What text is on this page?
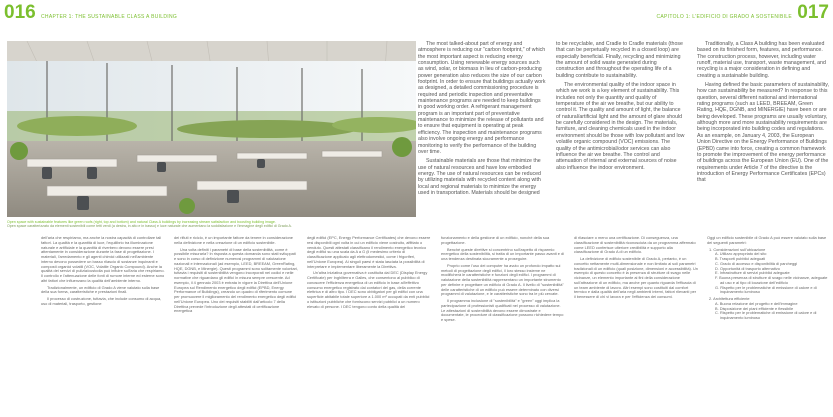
016	017
CHAPTER 1: THE SUSTAINABLE CLASS A BUILDING	CAPITOLO 1: L'EDIFICIO DI GRADO A SOSTENIBILE

Open space with sustainable features like green roofs (right, top and bottom) and natural Class A buildings by increasing stream satisfaction and boosting building image.

Open space caratterizzato da elementi sostenibili come tetti verdi (a destra, in alto e in basso) e luce naturale che aumentano la soddisfazione e l'immagine degli edifici di Grado A.

The most talked-about part of energy and atmosphere is reducing our “carbon footprint,” of which the most important aspect is reducing energy consumption. Using renewable energy sources such as wind, solar, or biomass in lieu of carbon-producing power generation also reduces the size of our carbon footprint. In order to ensure that buildings actually work as designed, a detailed commissioning procedure is required and periodic inspection and preventative maintenance programs are needed to keep buildings in good working order. A refrigerant management program is an important part of preventative maintenance to minimize the release of pollutants and to ensure that equipment is operating at peak efficiency. The inspection and maintenance programs also involve ongoing energy and performance monitoring to verify the performance of the building over time.

Sustainable materials are those that minimize the use of natural resources and have low embodied energy. The use of natural resources can be reduced by utilizing materials with recycled content along with local and regional materials to minimize the energy used in transportation. Materials should be designed

to be recyclable, and Cradle to Cradle materials (those that can be perpetually recycled in a closed loop) are especially beneficial. Finally, recycling and minimizing the amount of solid waste generated during construction and throughout the operating life of a building contribute to sustainability.

The environmental quality of the indoor space in which we work is a key element of sustainability. This includes not only the quantity and quality of temperature of the air we breathe, but our ability to control it. The quality and amount of light, the balance of natural/artificial light and the amount of glare should be carefully considered in the design. The materials, furniture, and cleaning chemicals used in the indoor environment should be those with low pollutant and low volatile organic compound (VOC) emissions. The quality of the antimicrobial/odor services can also influence the air we breathe. The control and attenuation of internal and external sources of noise also influence the indoor environment.

Traditionally, a Class A building has been evaluated based on its finished form, features, and performance. The construction process, however, including water runoff, material use, transport, waste management, and recycling is a major consideration in defining and creating a sustainable building.

Having defined the basic parameters of sustainability, how can sustainability be measured? In response to this question, several different national and international rating programs (such as LEED, BREEAM, Green Rating, HQE, DGNB, and MINERGIE) have been or are being developed. These programs are usually voluntary, although more and more sustainability requirements are being incorporated into building codes and regulations. As an example, on January 4, 2003, the European Union Directive on the Energy Performance of Buildings (EPBD) came into force, creating a common framework to promote the improvement of the energy performance of buildings across the European Union (EU). One of the requirements under Article 7 of the directive is the introduction of Energy Performance Certificates (EPCs) that

dell'aria che respiriamo, ma anche la nostra capacità di controllare tali fattori. La qualità e la quantità di luce, l'equilibrio tra illuminazione naturale e artificiale e la quantità di riverbero devono essere presi attentamente in considerazione durante la fase di progettazione. I materiali, l'arredamento e gli agenti chimici utilizzati nell'ambiente interno devono possedere un basso rilascio di sostanze inquinanti e composti organici volatili (VOC, Volatile Organic Compound). Anche la qualità dei servizi di pulizia/custodia può influire sull'aria che respiriamo. Il controllo e l'attenuazione delle fonti di rumore interne ed esterne sono altri fattori che influenzano la qualità dell'ambiente interno.

Tradizionalmente, un edificio di Grado A viene valutato sulla base della sua forma, caratteristiche e prestazioni finali.

Il processo di costruzione, tuttavia, che include consumo di acqua, uso di materiali, trasporto, gestione

dei rifiuti e riciclo, è un importante fattore da tenere in considerazione nella definizione e nella creazione di un edificio sostenibile.

Una volta definiti i parametri di base della sostenibilità, come è possibile misurarla? In risposta a questa domanda sono stati sviluppati e sono in corso di definizione numerosi programmi di valutazione nazionali e internazionali (ad esempio, LEED, BREEAM, GreenRating, HQE, DGNB, e Minergie). Questi programmi sono solitamente volontari, tuttavia i requisiti di sostenibilità vengono incorporati nei codici e nelle normative che riguardano gli edifici in misura sempre crescente. Ad esempio, il 4 gennaio 2003 è entrata in vigore la Direttiva dell'Unione Europea sul Rendimento energetico degli edifici (EPBD, Energy Performance of Buildings), creando un quadro di riferimento comune per promuovere il miglioramento del rendimento energetico degli edifici nell'Unione Europea. Uno dei requisiti stabiliti dall'articolo 7 della Direttiva prevede l'introduzione degli attestati di certificazione energetica

degli edifici (EPC, Energy Performance Certificates) che devono essere resi disponibili ogni volta in cui un edificio viene costruito, affittato o venduto. Questi attestati classificano il rendimento energetico tecnico degli edifici su una scala da A a G (il medesimo criterio di classificazione applicato agli elettrodomestici, come i frigoriferi, nell'Unione Europea). Ai singoli paesi è stata lasciata la possibilità di interpretare e implementare liberamente la Direttiva.

Un'altra iniziativa governativa è costituita dal DEC (Display Energy Certificate) per Inghilterra e Galles, che consentono al pubblico di conoscere l'efficienza energetica di un edificio in base all'effettivo consumo energetico registrato dai contatori del gas, della corrente elettrica e di altro tipo. I DEC sono obbligatori per gli edifici con una superficie abitabile totale superiore a 1.000 m² occupati da enti pubblici o istituzioni pubbliche che forniscono servizi pubblici a un numero elevato di persone. I DEC tengono conto della qualità del

funzionamento e della gestione di un edificio, nonché della sua progettazione.

Benché queste direttive si concentrino sull'aspetto di risparmio energetico della sostenibilità, si tratta di un importante passo avanti e di una tendenza destinata sicuramente a proseguire.

Proprio come l'uso dei computer ha avuto un profondo impatto sui metodi di progettazione degli edifici, il loro stesso insieme ne modificherà le caratteristiche e funzioni degli edifici. I programmi di valutazione della sostenibilità rappresentano un importante strumento per definire e progettare un edificio di Grado A. Il livello di "sostenibilità" delle caratteristiche di un edificio può essere determinato con diversi programmi di valutazione, e le caratteristiche sono tra le più cercate.

Il programma inclusione di "sostenibilità" e "green" oggi implica la partecipazione di professionisti qualificati nel processo di valutazione. Le attestazioni di sostenibilità devono essere dimostrate e documentate, le procedure di classificazione possono richiedere tempo e spese.

di rilasciare o meno una certificazione. Di conseguenza, una classificazione di sostenibilità riconosciuta da un programma affermato come LEED conferisce ulteriore credibilità e supporto alla classificazione di Grado A di un edificio.

La definizione di edificio sostenibile di Grado A, pertanto, è un concetto nettamente multi-dimensionale e non limitato ai soli parametri tradizionali di un edificio (quali posizione, dimensioni e accessibilità). Un esempio di questo concetto è la presenza di strutture di svago nelle vicinanze, un elemento importante ai fini della considerazione sull'attrazione di un edificio, ma anche per quanto riguarda l'efficacia di un team ambiente di lavoro. Altri esempi sono costituiti dal comfort termico e dalla qualità dell'aria negli ambienti interni, fattori rilevanti per il benessere di chi vi lavora e per l'efficienza dei consumi.

Oggi un edificio sostenibile di Grado A può essere valutato sulla base dei seguenti parametri:

1. Considerazioni sull'ubicazione
A. Utilizzo appropriato del sito
B. Trasporti pubblici adeguati
C. Grado di accesso e disponibilità di parcheggi
D. Opportunità di trasporto alternativo
E. Infrastrutture di servizi pubblici adeguate
F. Buona presenza di strutture di svago nelle vicinanze, adeguate ad uso e al tipo di locazione dell'edificio
G. Rispetto per le problematiche di emissione di calore e di inquinamento luminoso
2. Architettura efficiente
A. Buona relazione del progetto e dell'immagine
B. Disposizione dei piani efficiente e flessibile
C. Rispetto per le problematiche di emissione di calore e di inquinamento luminoso
